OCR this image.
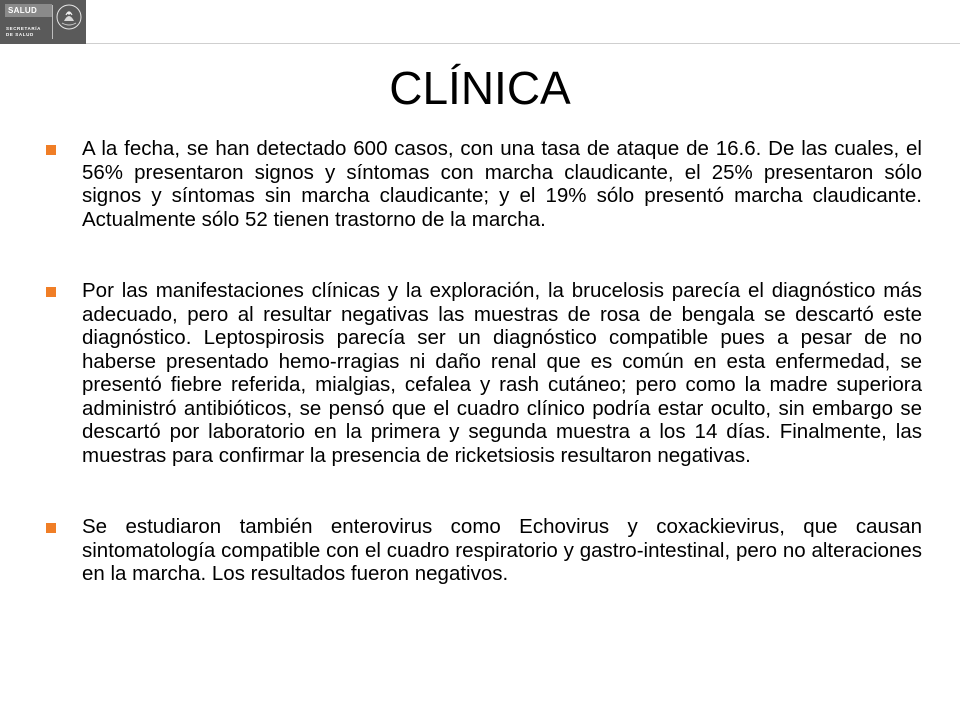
SALUD
SECRETARÍA
DE SALUD
CLÍNICA
A la fecha, se han detectado 600 casos, con una tasa de ataque de 16.6. De las cuales, el 56% presentaron signos y síntomas con marcha claudicante, el 25% presentaron sólo signos y síntomas sin marcha claudicante; y el 19% sólo presentó marcha claudicante. Actualmente sólo 52 tienen trastorno de la marcha.
Por las manifestaciones clínicas y la exploración, la brucelosis parecía el diagnóstico más adecuado, pero al resultar negativas las muestras de rosa de bengala se descartó este diagnóstico. Leptospirosis parecía ser un diagnóstico compatible pues a pesar de no haberse presentado hemo-rragias ni daño renal que es común en esta enfermedad, se presentó fiebre referida, mialgias, cefalea y rash cutáneo; pero como la madre superiora administró antibióticos, se pensó que el cuadro clínico podría estar oculto, sin embargo se descartó por laboratorio en la primera y segunda muestra a los 14 días. Finalmente, las muestras para confirmar la presencia de ricketsiosis resultaron negativas.
Se estudiaron también enterovirus como Echovirus y coxackievirus, que causan sintomatología compatible con el cuadro respiratorio y gastro-intestinal, pero no alteraciones en la marcha. Los resultados fueron negativos.
